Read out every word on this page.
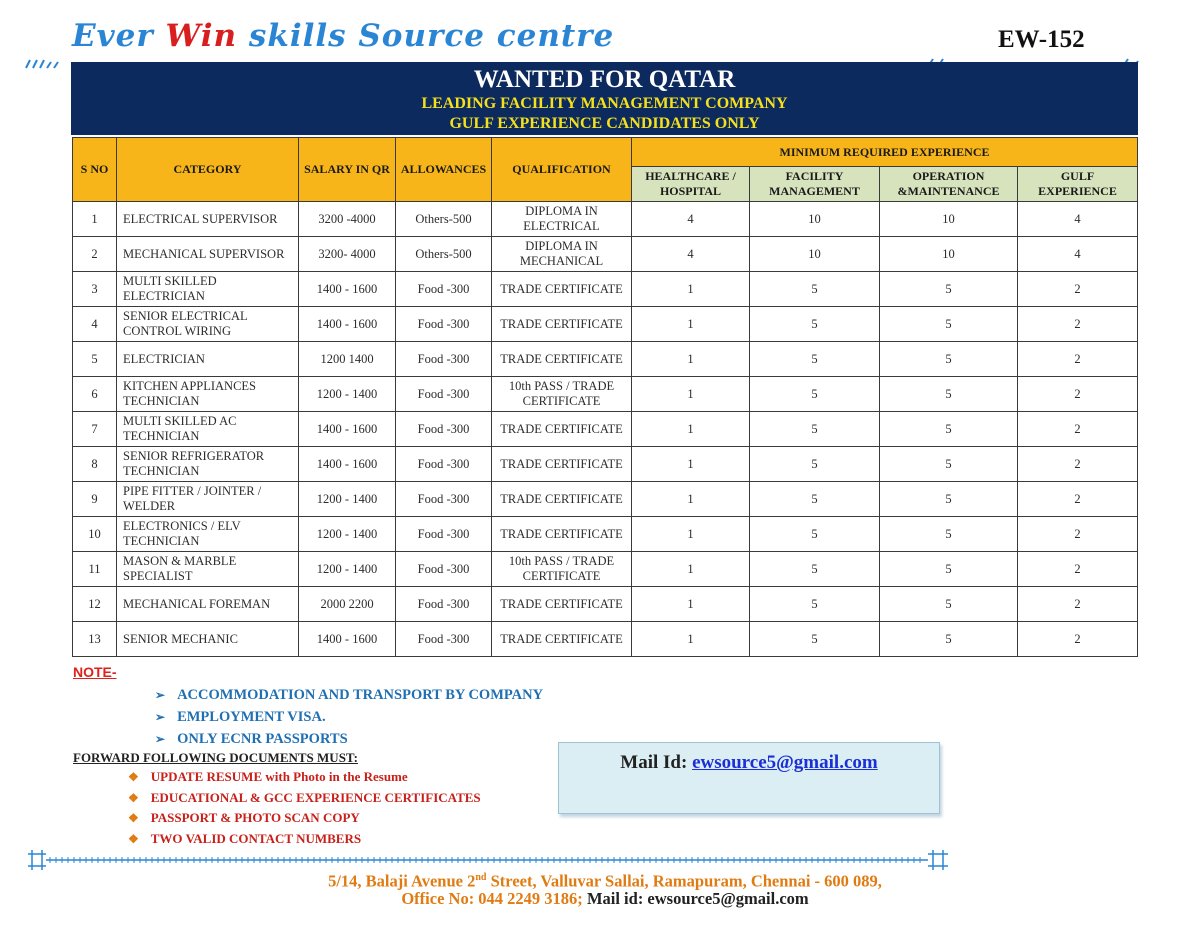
Ever Win skills Source centre	EW-152
WANTED FOR QATAR
LEADING FACILITY MANAGEMENT COMPANY
GULF EXPERIENCE CANDIDATES ONLY
S NO	CATEGORY	SALARY IN QR	ALLOWANCES	QUALIFICATION	MINIMUM REQUIRED EXPERIENCE			
					HEALTHCARE / HOSPITAL	FACILITY MANAGEMENT	OPERATION &MAINTENANCE	GULF EXPERIENCE
1	ELECTRICAL SUPERVISOR	3200 -4000	Others-500	DIPLOMA IN ELECTRICAL	4	10	10	4
2	MECHANICAL SUPERVISOR	3200- 4000	Others-500	DIPLOMA IN MECHANICAL	4	10	10	4
3	MULTI SKILLED ELECTRICIAN	1400 - 1600	Food -300	TRADE CERTIFICATE	1	5	5	2
4	SENIOR ELECTRICAL CONTROL WIRING	1400 - 1600	Food -300	TRADE CERTIFICATE	1	5	5	2
5	ELECTRICIAN	1200 1400	Food -300	TRADE CERTIFICATE	1	5	5	2
6	KITCHEN APPLIANCES TECHNICIAN	1200 - 1400	Food -300	10th PASS / TRADE CERTIFICATE	1	5	5	2
7	MULTI SKILLED AC TECHNICIAN	1400 - 1600	Food -300	TRADE CERTIFICATE	1	5	5	2
8	SENIOR REFRIGERATOR TECHNICIAN	1400 - 1600	Food -300	TRADE CERTIFICATE	1	5	5	2
9	PIPE FITTER / JOINTER / WELDER	1200 - 1400	Food -300	TRADE CERTIFICATE	1	5	5	2
10	ELECTRONICS / ELV TECHNICIAN	1200 - 1400	Food -300	TRADE CERTIFICATE	1	5	5	2
11	MASON & MARBLE SPECIALIST	1200 - 1400	Food -300	10th PASS / TRADE CERTIFICATE	1	5	5	2
12	MECHANICAL FOREMAN	2000 2200	Food -300	TRADE CERTIFICATE	1	5	5	2
13	SENIOR MECHANIC	1400 - 1600	Food -300	TRADE CERTIFICATE	1	5	5	2
NOTE-
➢ ACCOMMODATION AND TRANSPORT BY COMPANY
➢ EMPLOYMENT VISA.
➢ ONLY ECNR PASSPORTS
FORWARD FOLLOWING DOCUMENTS MUST:
❖ UPDATE RESUME with Photo in the Resume
❖ EDUCATIONAL & GCC EXPERIENCE CERTIFICATES
❖ PASSPORT & PHOTO SCAN COPY
❖ TWO VALID CONTACT NUMBERS
Mail Id: ewsource5@gmail.com
5/14, Balaji Avenue 2nd Street, Valluvar Sallai, Ramapuram, Chennai - 600 089,
Office No: 044 2249 3186; Mail id: ewsource5@gmail.com
